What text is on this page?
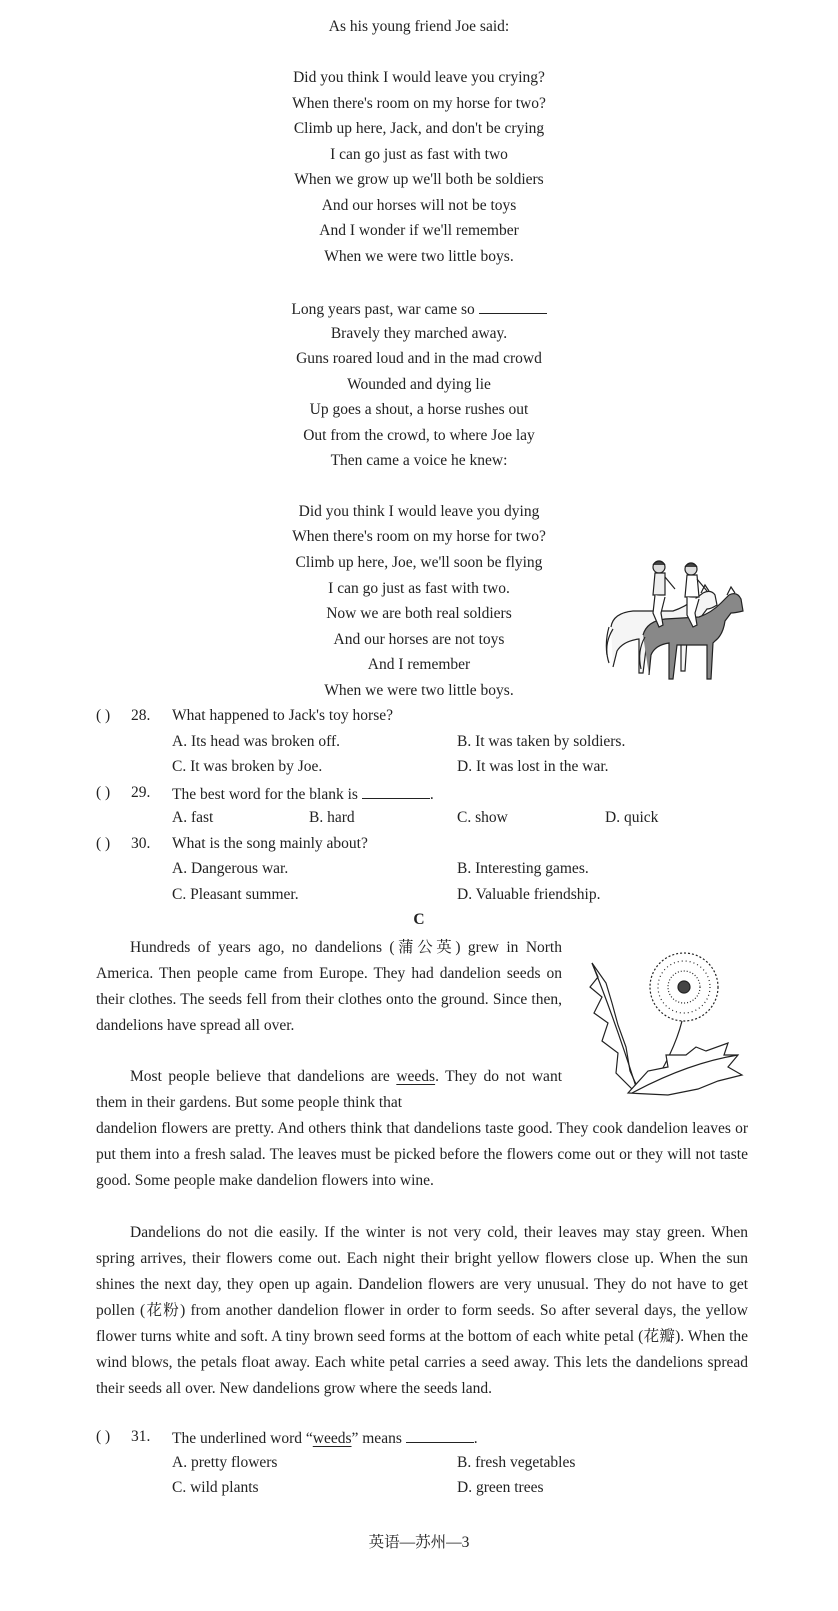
As his young friend Joe said:
Did you think I would leave you crying?
When there's room on my horse for two?
Climb up here, Jack, and don't be crying
I can go just as fast with two
When we grow up we'll both be soldiers
And our horses will not be toys
And I wonder if we'll remember
When we were two little boys.
Long years past, war came so
Bravely they marched away.
Guns roared loud and in the mad crowd
Wounded and dying lie
Up goes a shout, a horse rushes out
Out from the crowd, to where Joe lay
Then came a voice he knew:
Did you think I would leave you dying
When there's room on my horse for two?
Climb up here, Joe, we'll soon be flying
I can go just as fast with two.
Now we are both real soldiers
And our horses are not toys
And I remember
When we were two little boys.
( ) 28. What happened to Jack's toy horse?
A. Its head was broken off.	B. It was taken by soldiers.
C. It was broken by Joe.	D. It was lost in the war.
( ) 29. The best word for the blank is	.
A. fast	B. hard	C. show	D. quick
( ) 30. What is the song mainly about?
A. Dangerous war.	B. Interesting games.
C. Pleasant summer.	D. Valuable friendship.
C
Hundreds of years ago, no dandelions (蒲公英) grew in North America. Then people came from Europe. They had dandelion seeds on their clothes. The seeds fell from their clothes onto the ground. Since then, dandelions have spread all over.
Most people believe that dandelions are weeds. They do not want them in their gardens. But some people think that
dandelion flowers are pretty. And others think that dandelions taste good. They cook dandelion leaves or put them into a fresh salad. The leaves must be picked before the flowers come out or they will not taste good. Some people make dandelion flowers into wine.
Dandelions do not die easily. If the winter is not very cold, their leaves may stay green. When spring arrives, their flowers come out. Each night their bright yellow flowers close up. When the sun shines the next day, they open up again. Dandelion flowers are very unusual. They do not have to get pollen (花粉) from another dandelion flower in order to form seeds. So after several days, the yellow flower turns white and soft. A tiny brown seed forms at the bottom of each white petal (花瓣). When the wind blows, the petals float away. Each white petal carries a seed away. This lets the dandelions spread their seeds all over. New dandelions grow where the seeds land.
( ) 31. The underlined word “weeds” means	.
A. pretty flowers	B. fresh vegetables
C. wild plants	D. green trees
英语—苏州—3
